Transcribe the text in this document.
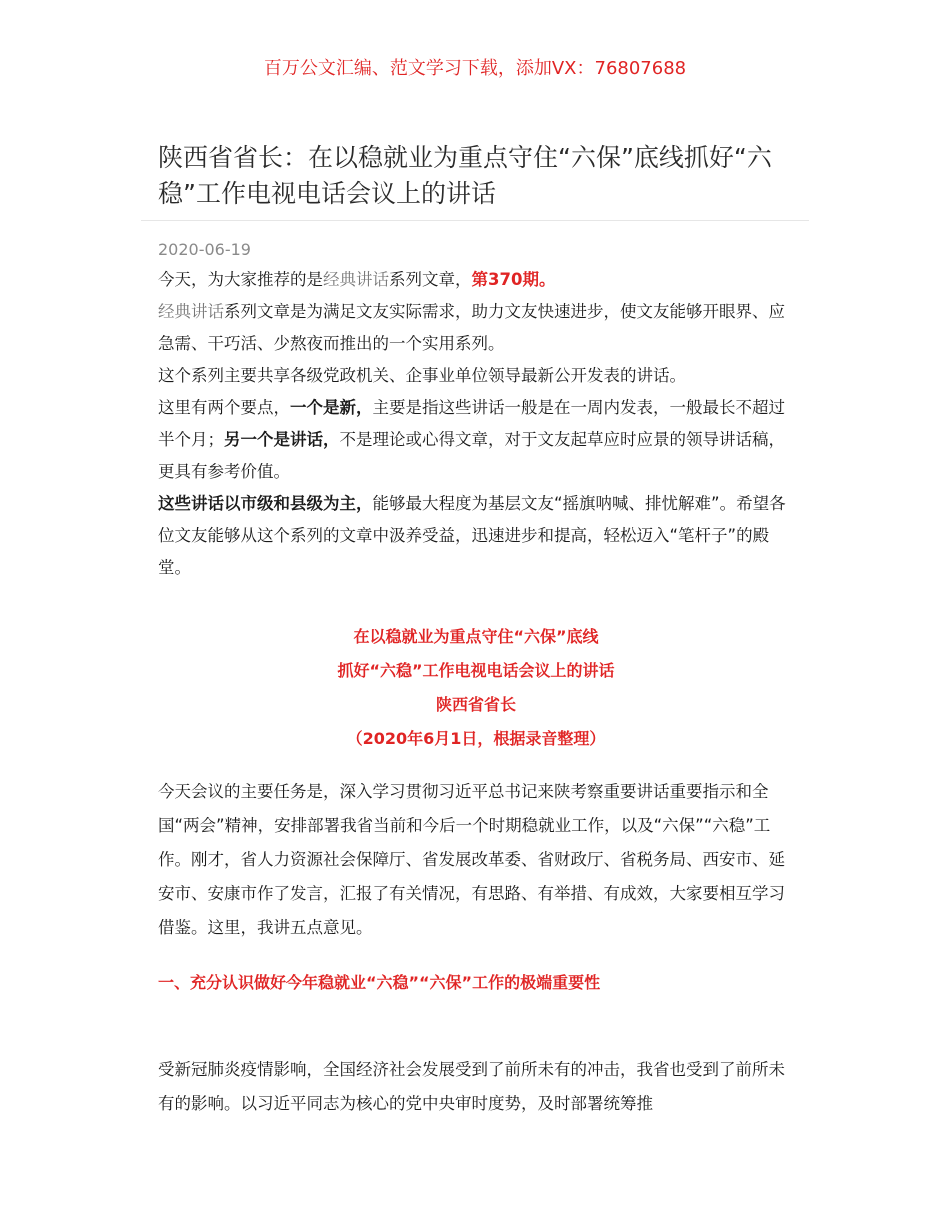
百万公文汇编、范文学习下载，添加VX：76807688
陕西省省长：在以稳就业为重点守住“六保”底线抓好“六稳”工作电视电话会议上的讲话
2020-06-19

今天，为大家推荐的是经典讲话系列文章，第370期。

经典讲话系列文章是为满足文友实际需求，助力文友快速进步，使文友能够开眼界、应急需、干巧活、少熬夜而推出的一个实用系列。

这个系列主要共享各级党政机关、企事业单位领导最新公开发表的讲话。

这里有两个要点，一个是新，主要是指这些讲话一般是在一周内发表，一般最长不超过半个月；另一个是讲话，不是理论或心得文章，对于文友起草应时应景的领导讲话稿，更具有参考价值。

这些讲话以市级和县级为主，能够最大程度为基层文友“摇旗呐喊、排忧解难”。希望各位文友能够从这个系列的文章中汲养受益，迅速进步和提高，轻松迈入“笔杆子”的殿堂。

在以稳就业为重点守住“六保”底线
抓好“六稳”工作电视电话会议上的讲话
陕西省省长
（2020年6月1日，根据录音整理）

今天会议的主要任务是，深入学习贯彻习近平总书记来陕考察重要讲话重要指示和全国“两会”精神，安排部署我省当前和今后一个时期稳就业工作，以及“六保”“六稳”工作。刚才，省人力资源社会保障厅、省发展改革委、省财政厅、省税务局、西安市、延安市、安康市作了发言，汇报了有关情况，有思路、有举措、有成效，大家要相互学习借鉴。这里，我讲五点意见。

一、充分认识做好今年稳就业“六稳”“六保”工作的极端重要性

受新冠肺炎疫情影响，全国经济社会发展受到了前所未有的冲击，我省也受到了前所未有的影响。以习近平同志为核心的党中央审时度势，及时部署统筹推
